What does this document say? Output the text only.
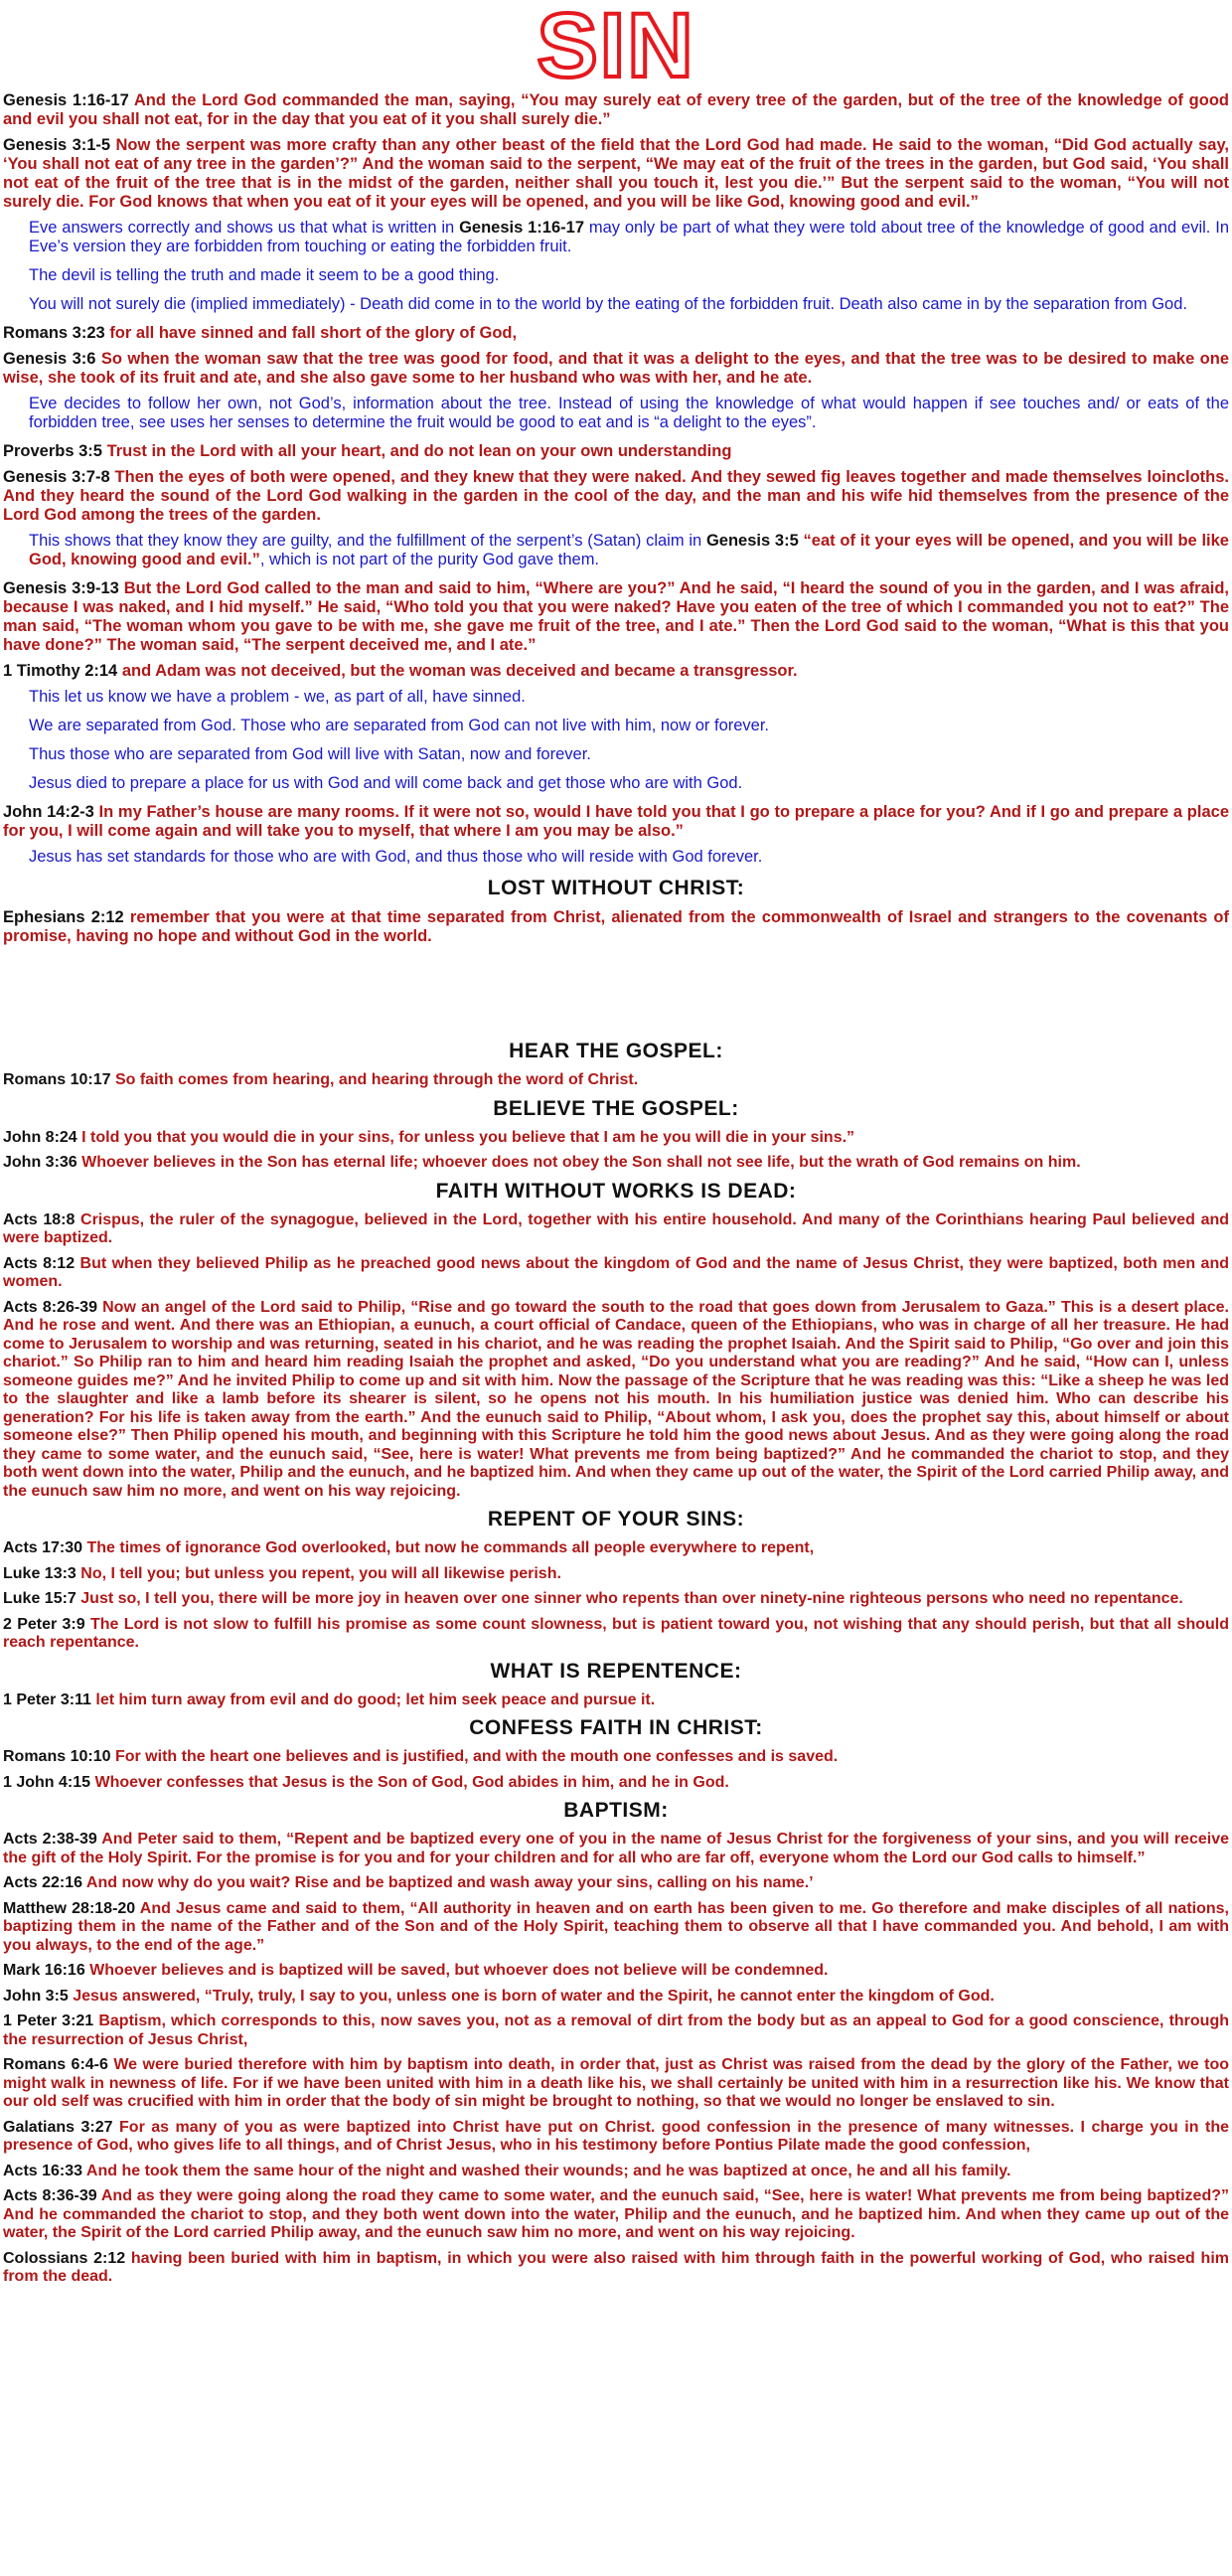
SIN

Genesis 1:16-17 And the Lord God commanded the man, saying, “You may surely eat of every tree of the garden, but of the tree of the knowledge of good and evil you shall not eat, for in the day that you eat of it you shall surely die.”

Genesis 3:1-5 Now the serpent was more crafty than any other beast of the field that the Lord God had made. He said to the woman, “Did God actually say, ‘You shall not eat of any tree in the garden’?” And the woman said to the serpent, “We may eat of the fruit of the trees in the garden, but God said, ‘You shall not eat of the fruit of the tree that is in the midst of the garden, neither shall you touch it, lest you die.’” But the serpent said to the woman, “You will not surely die. For God knows that when you eat of it your eyes will be opened, and you will be like God, knowing good and evil.”

Eve answers correctly and shows us that what is written in Genesis 1:16-17 may only be part of what they were told about tree of the knowledge of good and evil. In Eve’s version they are forbidden from touching or eating the forbidden fruit.

The devil is telling the truth and made it seem to be a good thing.

You will not surely die (implied immediately) - Death did come in to the world by the eating of the forbidden fruit. Death also came in by the separation from God.

Romans 3:23 for all have sinned and fall short of the glory of God,

Genesis 3:6 So when the woman saw that the tree was good for food, and that it was a delight to the eyes, and that the tree was to be desired to make one wise, she took of its fruit and ate, and she also gave some to her husband who was with her, and he ate.

Eve decides to follow her own, not God’s, information about the tree. Instead of using the knowledge of what would happen if see touches and/ or eats of the forbidden tree, see uses her senses to determine the fruit would be good to eat and is “a delight to the eyes”.

Proverbs 3:5 Trust in the Lord with all your heart, and do not lean on your own understanding

Genesis 3:7-8 Then the eyes of both were opened, and they knew that they were naked. And they sewed fig leaves together and made themselves loincloths. And they heard the sound of the Lord God walking in the garden in the cool of the day, and the man and his wife hid themselves from the presence of the Lord God among the trees of the garden.

This shows that they know they are guilty, and the fulfillment of the serpent’s (Satan) claim in Genesis 3:5 “eat of it your eyes will be opened, and you will be like God, knowing good and evil.”, which is not part of the purity God gave them.

Genesis 3:9-13 But the Lord God called to the man and said to him, “Where are you?” And he said, “I heard the sound of you in the garden, and I was afraid, because I was naked, and I hid myself.” He said, “Who told you that you were naked? Have you eaten of the tree of which I commanded you not to eat?” The man said, “The woman whom you gave to be with me, she gave me fruit of the tree, and I ate.” Then the Lord God said to the woman, “What is this that you have done?” The woman said, “The serpent deceived me, and I ate.”

1 Timothy 2:14 and Adam was not deceived, but the woman was deceived and became a transgressor.

This let us know we have a problem - we, as part of all, have sinned.

We are separated from God. Those who are separated from God can not live with him, now or forever.

Thus those who are separated from God will live with Satan, now and forever.

Jesus died to prepare a place for us with God and will come back and get those who are with God.

John 14:2-3 In my Father’s house are many rooms. If it were not so, would I have told you that I go to prepare a place for you? And if I go and prepare a place for you, I will come again and will take you to myself, that where I am you may be also.”

Jesus has set standards for those who are with God, and thus those who will reside with God forever.

LOST WITHOUT CHRIST:

Ephesians 2:12 remember that you were at that time separated from Christ, alienated from the commonwealth of Israel and strangers to the covenants of promise, having no hope and without God in the world.

HEAR THE GOSPEL:

Romans 10:17 So faith comes from hearing, and hearing through the word of Christ.

BELIEVE THE GOSPEL:

John 8:24 I told you that you would die in your sins, for unless you believe that I am he you will die in your sins.”

John 3:36 Whoever believes in the Son has eternal life; whoever does not obey the Son shall not see life, but the wrath of God remains on him.

FAITH WITHOUT WORKS IS DEAD:

Acts 18:8 Crispus, the ruler of the synagogue, believed in the Lord, together with his entire household. And many of the Corinthians hearing Paul believed and were baptized.

Acts 8:12 But when they believed Philip as he preached good news about the kingdom of God and the name of Jesus Christ, they were baptized, both men and women.

Acts 8:26-39 Now an angel of the Lord said to Philip, “Rise and go toward the south to the road that goes down from Jerusalem to Gaza.” This is a desert place. And he rose and went. And there was an Ethiopian, a eunuch, a court official of Candace, queen of the Ethiopians, who was in charge of all her treasure. He had come to Jerusalem to worship and was returning, seated in his chariot, and he was reading the prophet Isaiah. And the Spirit said to Philip, “Go over and join this chariot.” So Philip ran to him and heard him reading Isaiah the prophet and asked, “Do you understand what you are reading?” And he said, “How can I, unless someone guides me?” And he invited Philip to come up and sit with him. Now the passage of the Scripture that he was reading was this: “Like a sheep he was led to the slaughter and like a lamb before its shearer is silent, so he opens not his mouth. In his humiliation justice was denied him. Who can describe his generation? For his life is taken away from the earth.” And the eunuch said to Philip, “About whom, I ask you, does the prophet say this, about himself or about someone else?” Then Philip opened his mouth, and beginning with this Scripture he told him the good news about Jesus. And as they were going along the road they came to some water, and the eunuch said, “See, here is water! What prevents me from being baptized?” And he commanded the chariot to stop, and they both went down into the water, Philip and the eunuch, and he baptized him. And when they came up out of the water, the Spirit of the Lord carried Philip away, and the eunuch saw him no more, and went on his way rejoicing.

REPENT OF YOUR SINS:

Acts 17:30 The times of ignorance God overlooked, but now he commands all people everywhere to repent,

Luke 13:3 No, I tell you; but unless you repent, you will all likewise perish.

Luke 15:7 Just so, I tell you, there will be more joy in heaven over one sinner who repents than over ninety-nine righteous persons who need no repentance.

2 Peter 3:9 The Lord is not slow to fulfill his promise as some count slowness, but is patient toward you, not wishing that any should perish, but that all should reach repentance.

WHAT IS REPENTENCE:

1 Peter 3:11 let him turn away from evil and do good; let him seek peace and pursue it.

CONFESS FAITH IN CHRIST:

Romans 10:10 For with the heart one believes and is justified, and with the mouth one confesses and is saved.

1 John 4:15 Whoever confesses that Jesus is the Son of God, God abides in him, and he in God.

BAPTISM:

Acts 2:38-39 And Peter said to them, “Repent and be baptized every one of you in the name of Jesus Christ for the forgiveness of your sins, and you will receive the gift of the Holy Spirit. For the promise is for you and for your children and for all who are far off, everyone whom the Lord our God calls to himself.”

Acts 22:16 And now why do you wait? Rise and be baptized and wash away your sins, calling on his name.’

Matthew 28:18-20 And Jesus came and said to them, “All authority in heaven and on earth has been given to me. Go therefore and make disciples of all nations, baptizing them in the name of the Father and of the Son and of the Holy Spirit, teaching them to observe all that I have commanded you. And behold, I am with you always, to the end of the age.”

Mark 16:16 Whoever believes and is baptized will be saved, but whoever does not believe will be condemned.

John 3:5 Jesus answered, “Truly, truly, I say to you, unless one is born of water and the Spirit, he cannot enter the kingdom of God.

1 Peter 3:21 Baptism, which corresponds to this, now saves you, not as a removal of dirt from the body but as an appeal to God for a good conscience, through the resurrection of Jesus Christ,

Romans 6:4-6 We were buried therefore with him by baptism into death, in order that, just as Christ was raised from the dead by the glory of the Father, we too might walk in newness of life. For if we have been united with him in a death like his, we shall certainly be united with him in a resurrection like his. We know that our old self was crucified with him in order that the body of sin might be brought to nothing, so that we would no longer be enslaved to sin.

Galatians 3:27 For as many of you as were baptized into Christ have put on Christ. good confession in the presence of many witnesses. I charge you in the presence of God, who gives life to all things, and of Christ Jesus, who in his testimony before Pontius Pilate made the good confession,

Acts 16:33 And he took them the same hour of the night and washed their wounds; and he was baptized at once, he and all his family.

Acts 8:36-39 And as they were going along the road they came to some water, and the eunuch said, “See, here is water! What prevents me from being baptized?” And he commanded the chariot to stop, and they both went down into the water, Philip and the eunuch, and he baptized him. And when they came up out of the water, the Spirit of the Lord carried Philip away, and the eunuch saw him no more, and went on his way rejoicing.

Colossians 2:12 having been buried with him in baptism, in which you were also raised with him through faith in the powerful working of God, who raised him from the dead.
